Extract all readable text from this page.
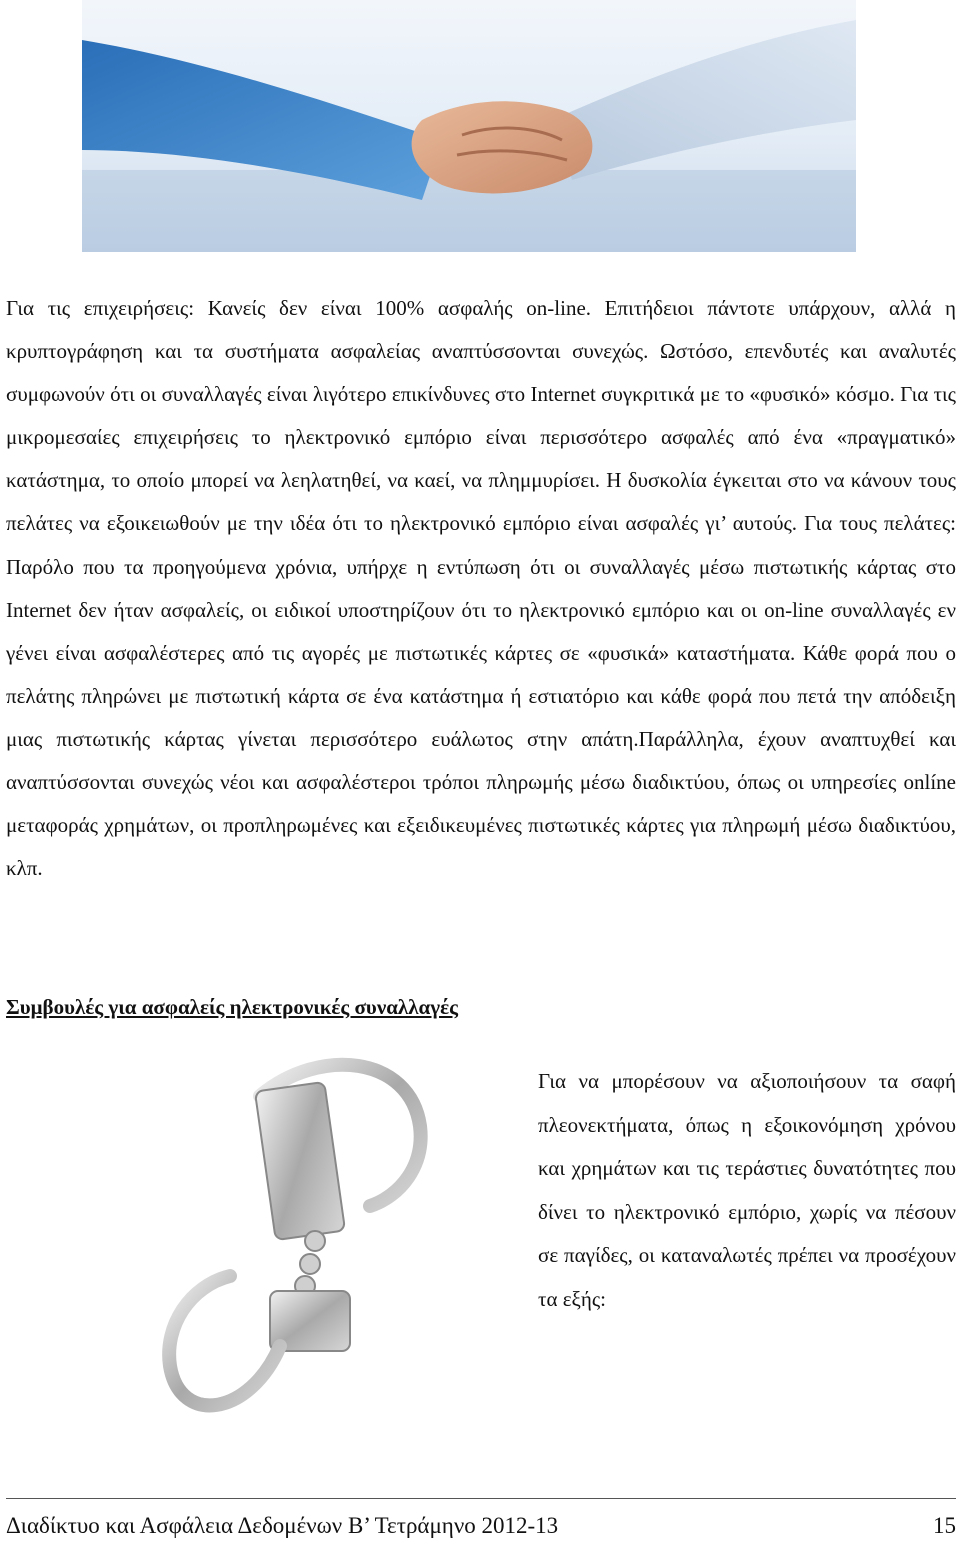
Για τις επιχειρήσεις: Κανείς δεν είναι 100% ασφαλής on-line. Επιτήδειοι πάντοτε υπάρχουν, αλλά η κρυπτογράφηση και τα συστήματα ασφαλείας αναπτύσσονται συνεχώς. Ωστόσο, επενδυτές και αναλυτές συμφωνούν ότι οι συναλλαγές είναι λιγότερο επικίνδυνες στο Internet συγκριτικά με το «φυσικό» κόσμο. Για τις μικρομεσαίες επιχειρήσεις το ηλεκτρονικό εμπόριο είναι περισσότερο ασφαλές από ένα «πραγματικό» κατάστημα, το οποίο μπορεί να λεηλατηθεί, να καεί, να πλημμυρίσει. Η δυσκολία έγκειται στο να κάνουν τους πελάτες να εξοικειωθούν με την ιδέα ότι το ηλεκτρονικό εμπόριο είναι ασφαλές γι’ αυτούς. Για τους πελάτες: Παρόλο που τα προηγούμενα χρόνια, υπήρχε η εντύπωση ότι οι συναλλαγές μέσω πιστωτικής κάρτας στο Internet δεν ήταν ασφαλείς, οι ειδικοί υποστηρίζουν ότι το ηλεκτρονικό εμπόριο και οι on-line συναλλαγές εν γένει είναι ασφαλέστερες από τις αγορές με πιστωτικές κάρτες σε «φυσικά» καταστήματα. Κάθε φορά που ο πελάτης πληρώνει με πιστωτική κάρτα σε ένα κατάστημα ή εστιατόριο και κάθε φορά που πετά την απόδειξη μιας πιστωτικής κάρτας γίνεται περισσότερο ευάλωτος στην απάτη.Παράλληλα, έχουν αναπτυχθεί και αναπτύσσονται συνεχώς νέοι και ασφαλέστεροι τρόποι πληρωμής μέσω διαδικτύου, όπως οι υπηρεσίες onlíne μεταφοράς χρημάτων, οι προπληρωμένες και εξειδικευμένες πιστωτικές κάρτες για πληρωμή μέσω διαδικτύου, κλπ.

Συμβουλές για ασφαλείς ηλεκτρονικές συναλλαγές

Για να μπορέσουν να αξιοποιήσουν τα σαφή πλεονεκτήματα, όπως η εξοικονόμηση χρόνου και χρημάτων και τις τεράστιες δυνατότητες που δίνει το ηλεκτρονικό εμπόριο, χωρίς να πέσουν σε παγίδες, οι καταναλωτές πρέπει να προσέχουν τα εξής:

Διαδίκτυο και Ασφάλεια Δεδομένων Β’ Τετράμηνο 2012-13	15
